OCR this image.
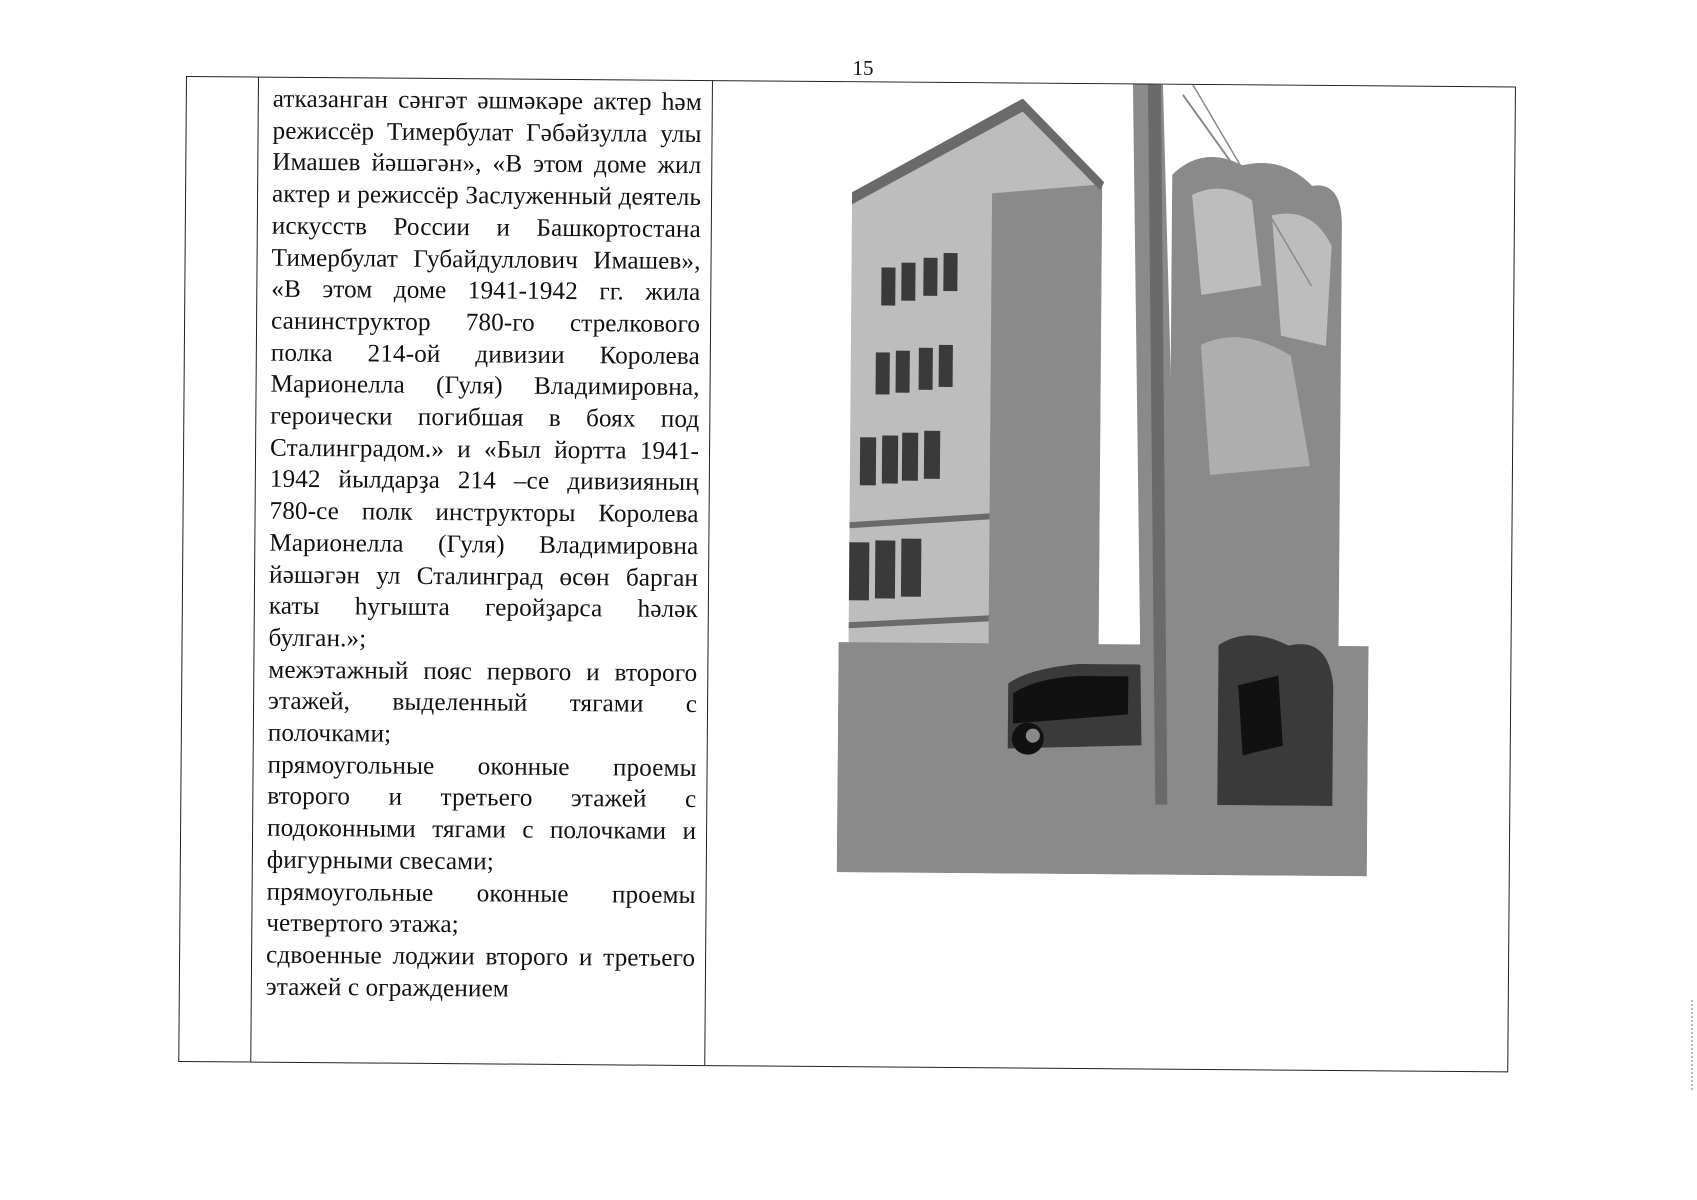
15

атказанган сәнгәт әшмәкәре актер һәм режиссёр Тимербулат Гәбәйзулла улы Имашев йәшәгән», «В этом доме жил актер и режиссёр Заслуженный деятель искусств России и Башкортостана Тимербулат Губайдуллович Имашев», «В этом доме 1941-1942 гг. жила санинструктор 780-го стрелкового полка 214-ой дивизии Королева Марионелла (Гуля) Владимировна, героически погибшая в боях под Сталинградом.» и «Был йортта 1941-1942 йылдарҙа 214 –се дивизияның 780-се полк инструкторы Королева Марионелла (Гуля) Владимировна йәшәгән ул Сталинград өсөн барган каты һугышта геройҙарса һәләк булган.»;

межэтажный пояс первого и второго этажей, выделенный тягами с полочками;

прямоугольные оконные проемы второго и третьего этажей с подоконными тягами с полочками и фигурными свесами;

прямоугольные оконные проемы четвертого этажа;

сдвоенные лоджии второго и третьего этажей с ограждением
